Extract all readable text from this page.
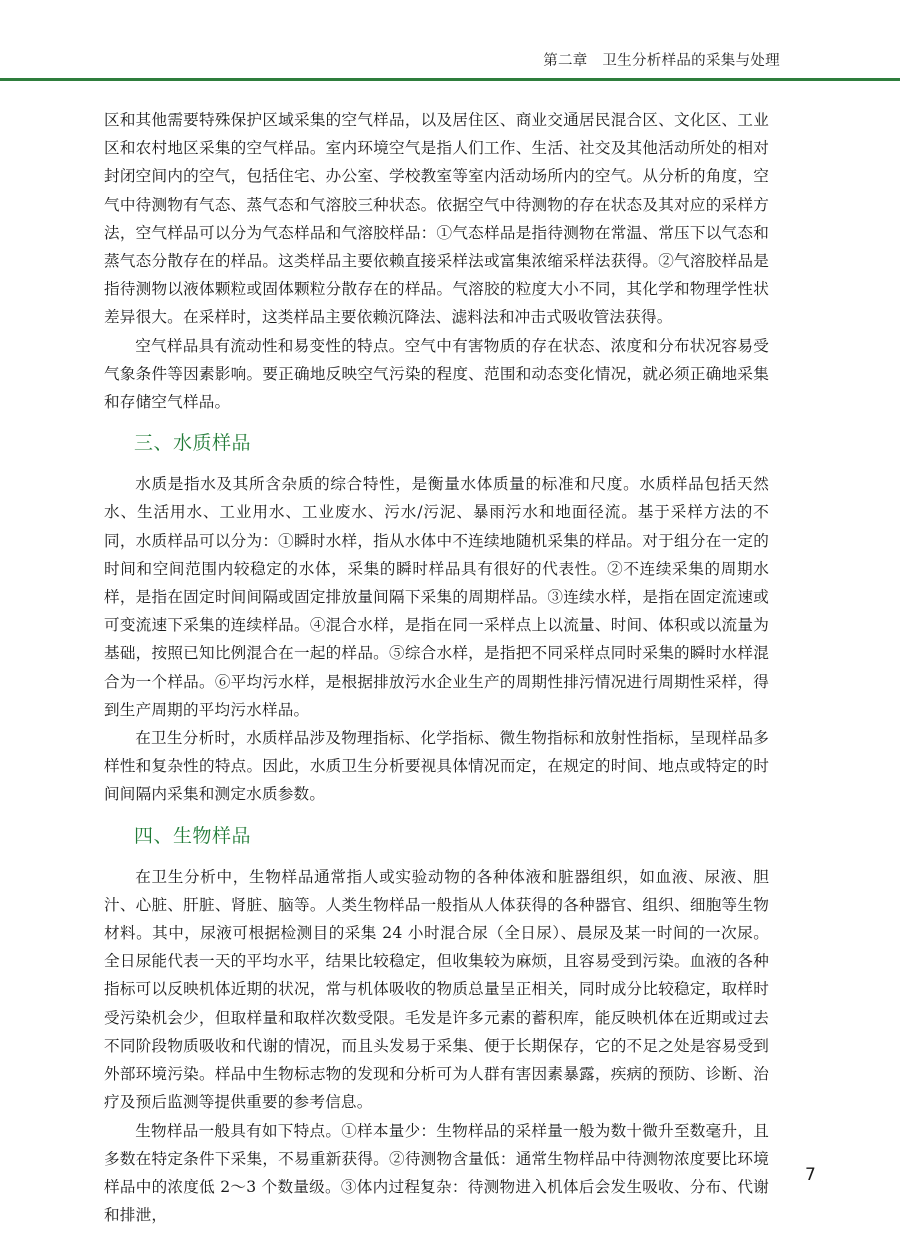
第二章　卫生分析样品的采集与处理

区和其他需要特殊保护区域采集的空气样品，以及居住区、商业交通居民混合区、文化区、工业区和农村地区采集的空气样品。室内环境空气是指人们工作、生活、社交及其他活动所处的相对封闭空间内的空气，包括住宅、办公室、学校教室等室内活动场所内的空气。从分析的角度，空气中待测物有气态、蒸气态和气溶胶三种状态。依据空气中待测物的存在状态及其对应的采样方法，空气样品可以分为气态样品和气溶胶样品：①气态样品是指待测物在常温、常压下以气态和蒸气态分散存在的样品。这类样品主要依赖直接采样法或富集浓缩采样法获得。②气溶胶样品是指待测物以液体颗粒或固体颗粒分散存在的样品。气溶胶的粒度大小不同，其化学和物理学性状差异很大。在采样时，这类样品主要依赖沉降法、滤料法和冲击式吸收管法获得。

空气样品具有流动性和易变性的特点。空气中有害物质的存在状态、浓度和分布状况容易受气象条件等因素影响。要正确地反映空气污染的程度、范围和动态变化情况，就必须正确地采集和存储空气样品。

三、水质样品

水质是指水及其所含杂质的综合特性，是衡量水体质量的标准和尺度。水质样品包括天然水、生活用水、工业用水、工业废水、污水/污泥、暴雨污水和地面径流。基于采样方法的不同，水质样品可以分为：①瞬时水样，指从水体中不连续地随机采集的样品。对于组分在一定的时间和空间范围内较稳定的水体，采集的瞬时样品具有很好的代表性。②不连续采集的周期水样，是指在固定时间间隔或固定排放量间隔下采集的周期样品。③连续水样，是指在固定流速或可变流速下采集的连续样品。④混合水样，是指在同一采样点上以流量、时间、体积或以流量为基础，按照已知比例混合在一起的样品。⑤综合水样，是指把不同采样点同时采集的瞬时水样混合为一个样品。⑥平均污水样，是根据排放污水企业生产的周期性排污情况进行周期性采样，得到生产周期的平均污水样品。

在卫生分析时，水质样品涉及物理指标、化学指标、微生物指标和放射性指标，呈现样品多样性和复杂性的特点。因此，水质卫生分析要视具体情况而定，在规定的时间、地点或特定的时间间隔内采集和测定水质参数。

四、生物样品

在卫生分析中，生物样品通常指人或实验动物的各种体液和脏器组织，如血液、尿液、胆汁、心脏、肝脏、肾脏、脑等。人类生物样品一般指从人体获得的各种器官、组织、细胞等生物材料。其中，尿液可根据检测目的采集 24 小时混合尿（全日尿）、晨尿及某一时间的一次尿。全日尿能代表一天的平均水平，结果比较稳定，但收集较为麻烦，且容易受到污染。血液的各种指标可以反映机体近期的状况，常与机体吸收的物质总量呈正相关，同时成分比较稳定，取样时受污染机会少，但取样量和取样次数受限。毛发是许多元素的蓄积库，能反映机体在近期或过去不同阶段物质吸收和代谢的情况，而且头发易于采集、便于长期保存，它的不足之处是容易受到外部环境污染。样品中生物标志物的发现和分析可为人群有害因素暴露，疾病的预防、诊断、治疗及预后监测等提供重要的参考信息。

生物样品一般具有如下特点。①样本量少：生物样品的采样量一般为数十微升至数毫升，且多数在特定条件下采集，不易重新获得。②待测物含量低：通常生物样品中待测物浓度要比环境样品中的浓度低 2～3 个数量级。③体内过程复杂：待测物进入机体后会发生吸收、分布、代谢和排泄，

7
